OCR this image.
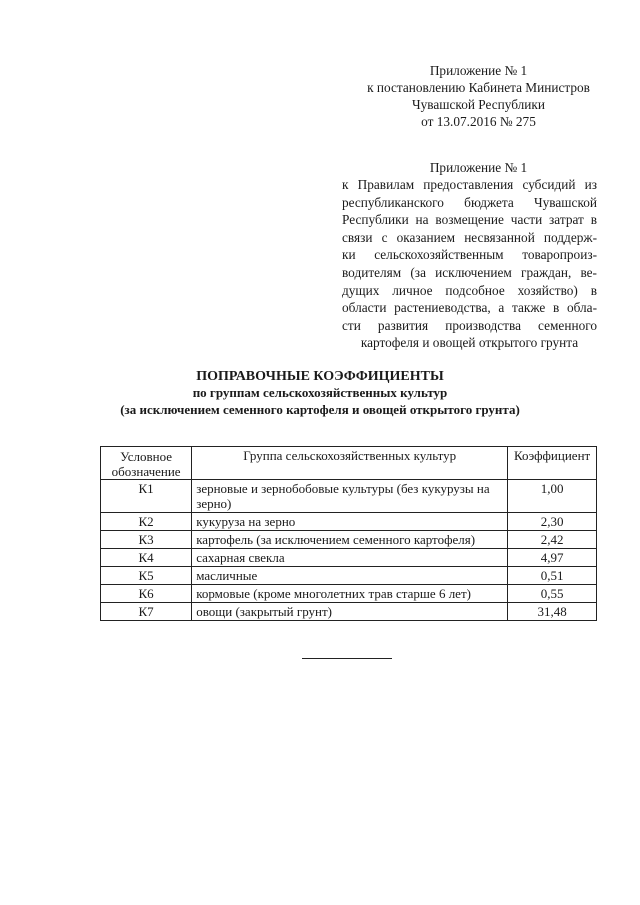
Приложение № 1
к постановлению Кабинета Министров
Чувашской Республики
от 13.07.2016 № 275
Приложение № 1
к Правилам предоставления субсидий из
республиканского бюджета Чувашской
Республики на возмещение части затрат в
связи с оказанием несвязанной поддерж-
ки сельскохозяйственным товаропроиз-
водителям (за исключением граждан, ве-
дущих личное подсобное хозяйство) в
области растениеводства, а также в обла-
сти развития производства семенного
картофеля и овощей открытого грунта
ПОПРАВОЧНЫЕ КОЭФФИЦИЕНТЫ
по группам сельскохозяйственных культур
(за исключением семенного картофеля и овощей открытого грунта)
Условное обозначение	Группа сельскохозяйственных культур	Коэффициент
К1	зерновые и зернобобовые культуры (без кукурузы на зерно)	1,00
К2	кукуруза на зерно	2,30
К3	картофель (за исключением семенного картофеля)	2,42
К4	сахарная свекла	4,97
К5	масличные	0,51
К6	кормовые (кроме многолетних трав старше 6 лет)	0,55
К7	овощи (закрытый грунт)	31,48
